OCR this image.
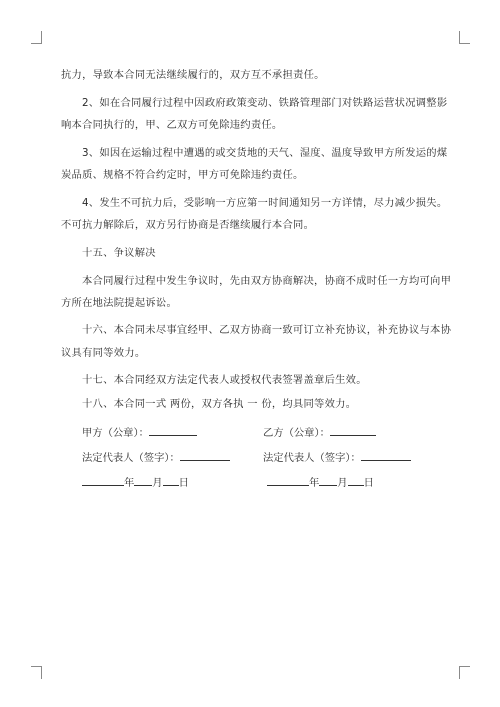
抗力，导致本合同无法继续履行的，双方互不承担责任。
2、如在合同履行过程中因政府政策变动、铁路管理部门对铁路运营状况调整影
响本合同执行的，甲、乙双方可免除违约责任。
3、如因在运输过程中遭遇的或交货地的天气、湿度、温度导致甲方所发运的煤
炭品质、规格不符合约定时，甲方可免除违约责任。
4、发生不可抗力后，受影响一方应第一时间通知另一方详情，尽力减少损失。
不可抗力解除后，双方另行协商是否继续履行本合同。
十五、争议解决
本合同履行过程中发生争议时，先由双方协商解决，协商不成时任一方均可向甲
方所在地法院提起诉讼。
十六、本合同未尽事宜经甲、乙双方协商一致可订立补充协议，补充协议与本协
议具有同等效力。
十七、本合同经双方法定代表人或授权代表签署盖章后生效。
十八、本合同一式 两份，双方各执 一 份，均具同等效力。
甲方（公章）：	乙方（公章）：
法定代表人（签字）：	法定代表人（签字）：
年 月 日	年 月 日
